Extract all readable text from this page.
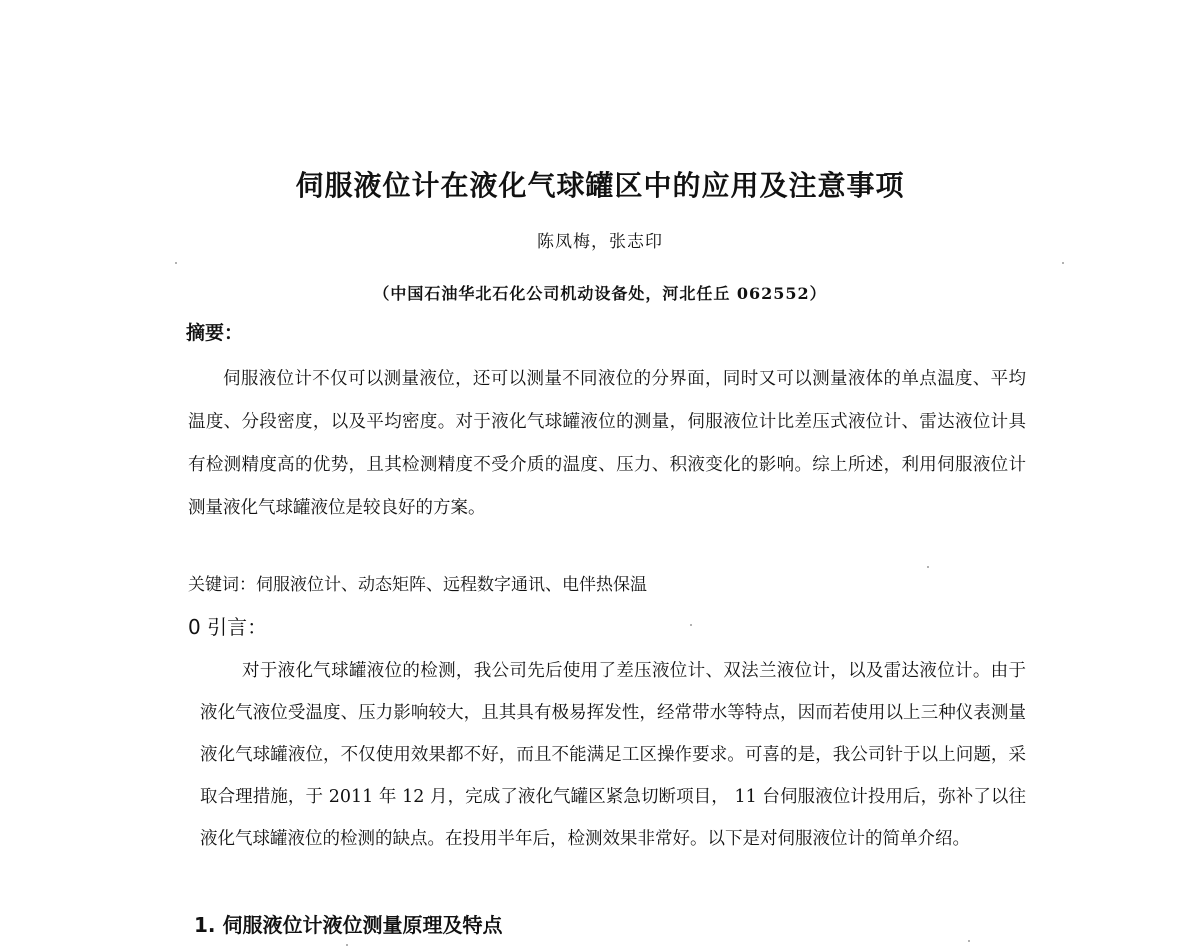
伺服液位计在液化气球罐区中的应用及注意事项
陈凤梅，张志印
（中国石油华北石化公司机动设备处，河北任丘 062552）
摘要：

伺服液位计不仅可以测量液位，还可以测量不同液位的分界面，同时又可以测量液体的单点温度、平均温度、分段密度，以及平均密度。对于液化气球罐液位的测量，伺服液位计比差压式液位计、雷达液位计具有检测精度高的优势，且其检测精度不受介质的温度、压力、积液变化的影响。综上所述，利用伺服液位计测量液化气球罐液位是较良好的方案。

关键词：伺服液位计、动态矩阵、远程数字通讯、电伴热保温
0 引言：

对于液化气球罐液位的检测，我公司先后使用了差压液位计、双法兰液位计，以及雷达液位计。由于液化气液位受温度、压力影响较大，且其具有极易挥发性，经常带水等特点，因而若使用以上三种仪表测量液化气球罐液位，不仅使用效果都不好，而且不能满足工区操作要求。可喜的是，我公司针于以上问题，采取合理措施，于 2011 年 12 月，完成了液化气罐区紧急切断项目， 11 台伺服液位计投用后，弥补了以往液化气球罐液位的检测的缺点。在投用半年后，检测效果非常好。以下是对伺服液位计的简单介绍。

1. 伺服液位计液位测量原理及特点
